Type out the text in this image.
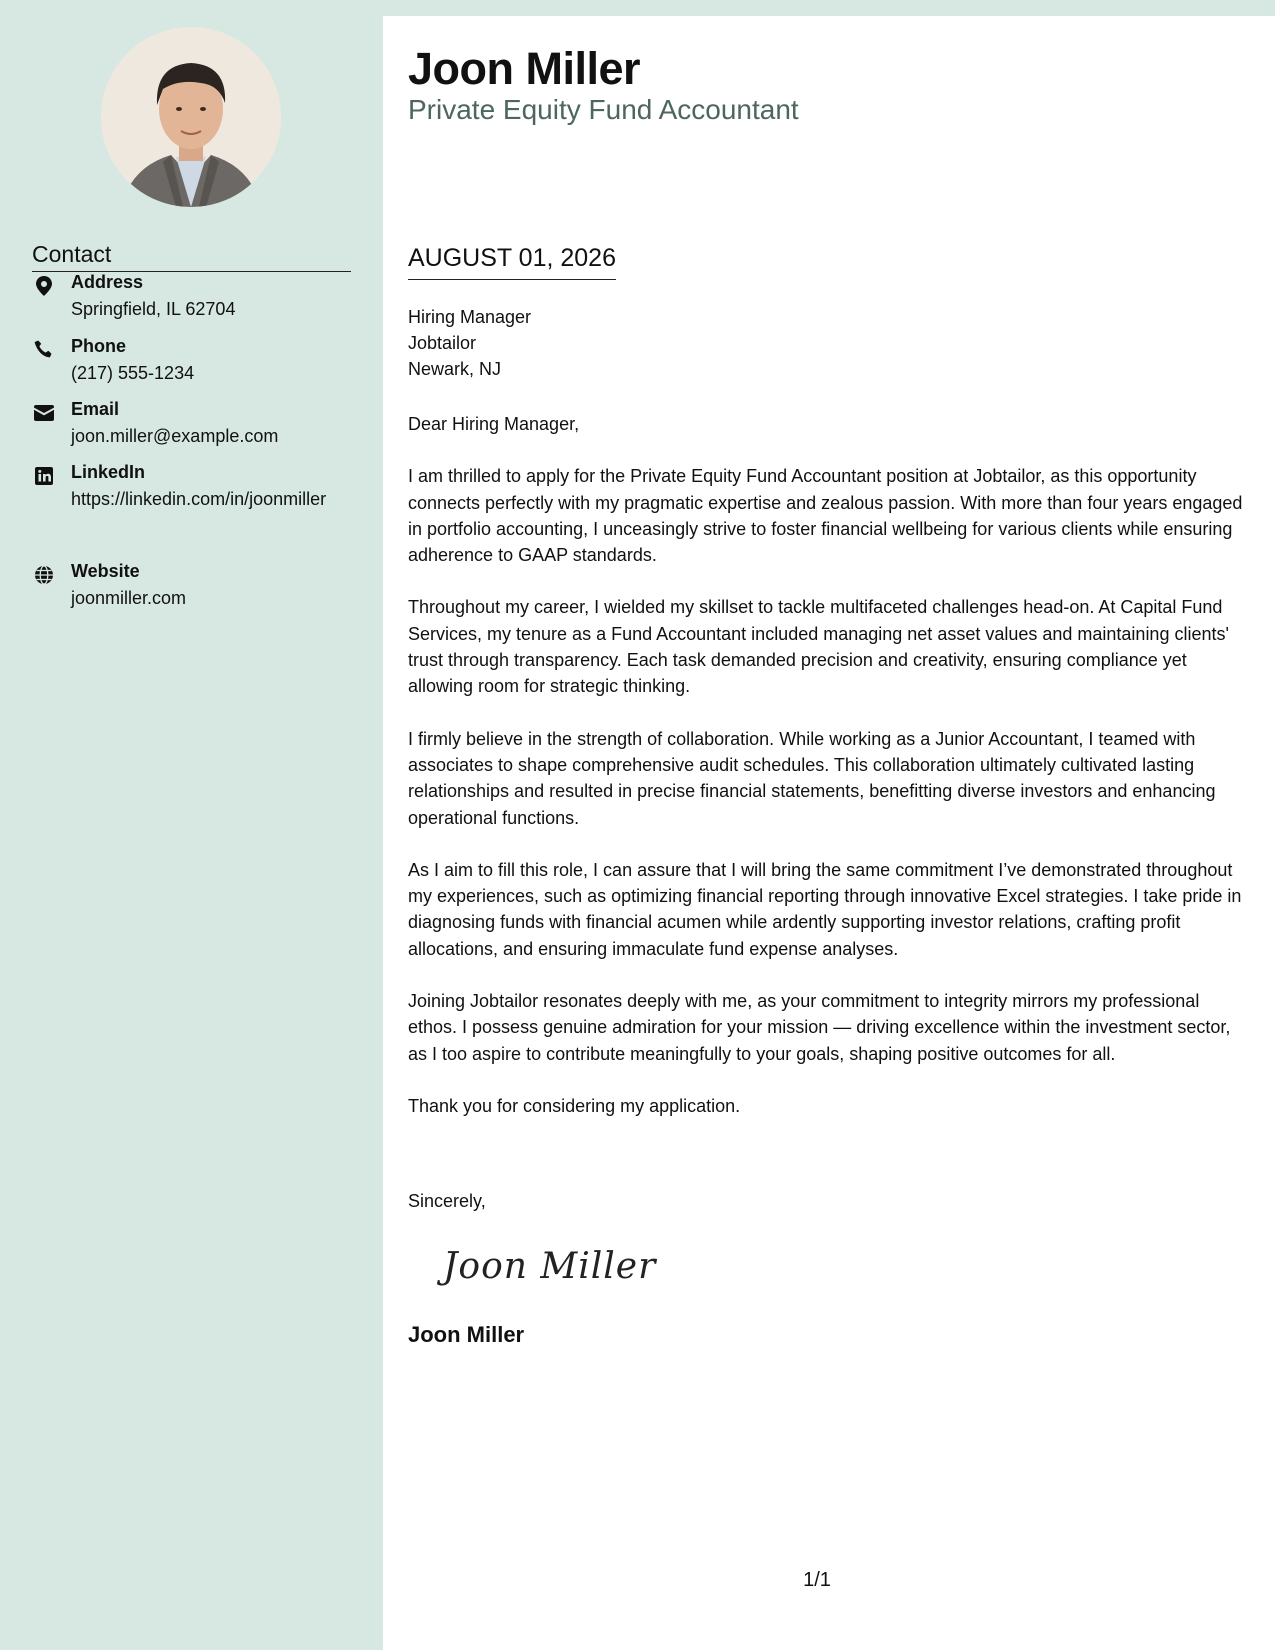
Contact
Address
Springfield, IL 62704
Phone
(217) 555-1234
Email
joon.miller@example.com
LinkedIn
https://linkedin.com/in/joonmiller
Website
joonmiller.com
Joon Miller
Private Equity Fund Accountant
AUGUST 01, 2026
Hiring Manager
Jobtailor
Newark, NJ

Dear Hiring Manager,

I am thrilled to apply for the Private Equity Fund Accountant position at Jobtailor, as this opportunity connects perfectly with my pragmatic expertise and zealous passion. With more than four years engaged in portfolio accounting, I unceasingly strive to foster financial wellbeing for various clients while ensuring adherence to GAAP standards.

Throughout my career, I wielded my skillset to tackle multifaceted challenges head-on. At Capital Fund Services, my tenure as a Fund Accountant included managing net asset values and maintaining clients' trust through transparency. Each task demanded precision and creativity, ensuring compliance yet allowing room for strategic thinking.

I firmly believe in the strength of collaboration. While working as a Junior Accountant, I teamed with associates to shape comprehensive audit schedules. This collaboration ultimately cultivated lasting relationships and resulted in precise financial statements, benefitting diverse investors and enhancing operational functions.

As I aim to fill this role, I can assure that I will bring the same commitment I’ve demonstrated throughout my experiences, such as optimizing financial reporting through innovative Excel strategies. I take pride in diagnosing funds with financial acumen while ardently supporting investor relations, crafting profit allocations, and ensuring immaculate fund expense analyses.

Joining Jobtailor resonates deeply with me, as your commitment to integrity mirrors my professional ethos. I possess genuine admiration for your mission — driving excellence within the investment sector, as I too aspire to contribute meaningfully to your goals, shaping positive outcomes for all.

Thank you for considering my application.

Sincerely,
Joon Miller
Joon Miller
1/1
